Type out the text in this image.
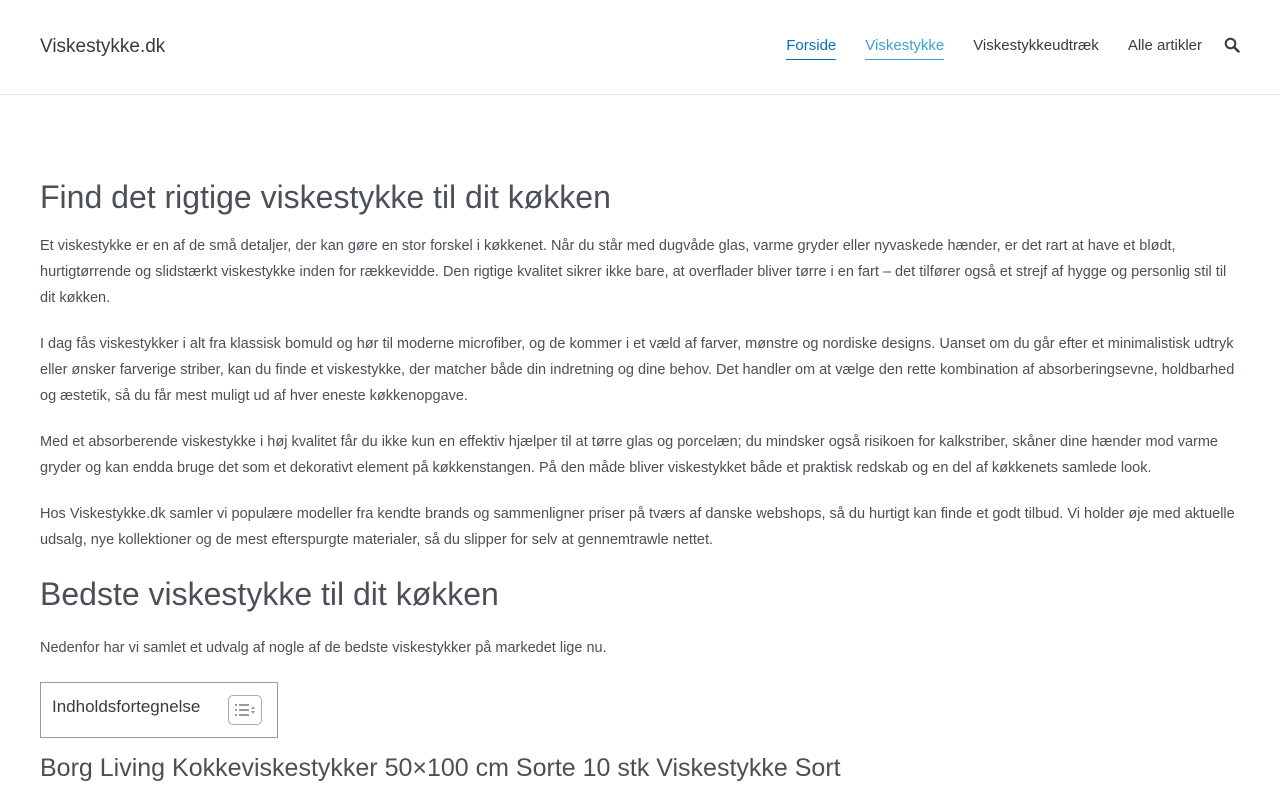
Viskestykke.dk	Forside Viskestykke Viskestykkeudtræk Alle artikler
Find det rigtige viskestykke til dit køkken

Et viskestykke er en af de små detaljer, der kan gøre en stor forskel i køkkenet. Når du står med dugvåde glas, varme gryder eller nyvaskede hænder, er det rart at have et blødt, hurtigtørrende og slidstærkt viskestykke inden for rækkevidde. Den rigtige kvalitet sikrer ikke bare, at overflader bliver tørre i en fart – det tilfører også et strejf af hygge og personlig stil til dit køkken.

I dag fås viskestykker i alt fra klassisk bomuld og hør til moderne microfiber, og de kommer i et væld af farver, mønstre og nordiske designs. Uanset om du går efter et minimalistisk udtryk eller ønsker farverige striber, kan du finde et viskestykke, der matcher både din indretning og dine behov. Det handler om at vælge den rette kombination af absorberingsevne, holdbarhed og æstetik, så du får mest muligt ud af hver eneste køkkenopgave.

Med et absorberende viskestykke i høj kvalitet får du ikke kun en effektiv hjælper til at tørre glas og porcelæn; du mindsker også risikoen for kalkstriber, skåner dine hænder mod varme gryder og kan endda bruge det som et dekorativt element på køkkenstangen. På den måde bliver viskestykket både et praktisk redskab og en del af køkkenets samlede look.

Hos Viskestykke.dk samler vi populære modeller fra kendte brands og sammenligner priser på tværs af danske webshops, så du hurtigt kan finde et godt tilbud. Vi holder øje med aktuelle udsalg, nye kollektioner og de mest efterspurgte materialer, så du slipper for selv at gennemtrawle nettet.

Bedste viskestykke til dit køkken

Nedenfor har vi samlet et udvalg af nogle af de bedste viskestykker på markedet lige nu.

Indholdsfortegnelse
Borg Living Kokkeviskestykker 50×100 cm Sorte 10 stk Viskestykke Sort
